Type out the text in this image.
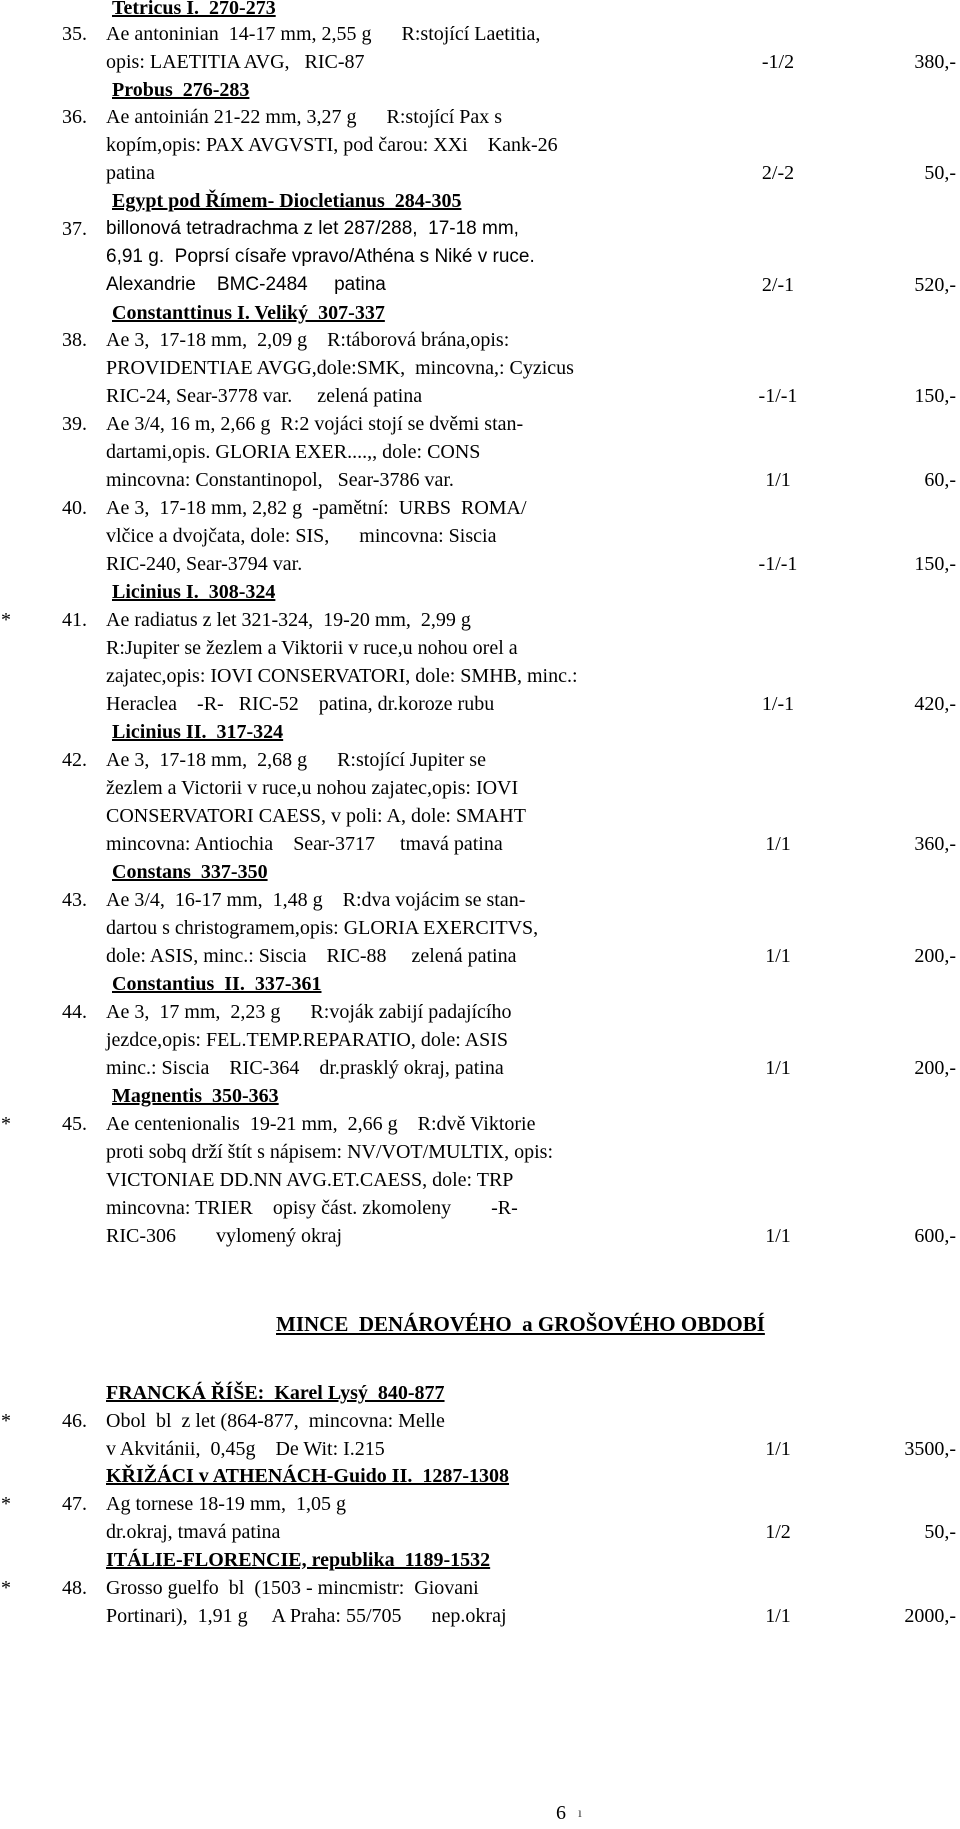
Tetricus I.  270-273
35. Ae antoninian  14-17 mm, 2,55 g      R:stojící Laetitia,
opis: LAETITIA AVG,   RIC-87	-1/2	380,-
Probus  276-283
36. Ae antoinián 21-22 mm, 3,27 g      R:stojící Pax s
kopím,opis: PAX AVGVSTI, pod čarou: XXi    Kank-26
patina	2/-2	50,-
Egypt pod Římem- Diocletianus  284-305
37. billonová tetradrachma z let 287/288,  17-18 mm,
6,91 g.  Poprsí císaře vpravo/Athéna s Niké v ruce.
Alexandrie    BMC-2484     patina	2/-1	520,-
Constanttinus I. Veliký  307-337
38. Ae 3,  17-18 mm,  2,09 g    R:táborová brána,opis:
PROVIDENTIAE AVGG,dole:SMK,  mincovna,: Cyzicus
RIC-24, Sear-3778 var.     zelená patina	-1/-1	150,-
39. Ae 3/4, 16 m, 2,66 g  R:2 vojáci stojí se dvěmi stan-
dartami,opis. GLORIA EXER....,, dole: CONS
mincovna: Constantinopol,   Sear-3786 var.	1/1	60,-
40. Ae 3,  17-18 mm, 2,82 g  -pamětní:  URBS  ROMA/
vlčice a dvojčata, dole: SIS,      mincovna: Siscia
RIC-240, Sear-3794 var.	-1/-1	150,-
Licinius I.  308-324
*	41. Ae radiatus z let 321-324,  19-20 mm,  2,99 g
R:Jupiter se žezlem a Viktorii v ruce,u nohou orel a
zajatec,opis: IOVI CONSERVATORI, dole: SMHB, minc.:
Heraclea    -R-   RIC-52    patina, dr.koroze rubu	1/-1	420,-
Licinius II.  317-324
42. Ae 3,  17-18 mm,  2,68 g      R:stojící Jupiter se
žezlem a Victorii v ruce,u nohou zajatec,opis: IOVI
CONSERVATORI CAESS, v poli: A, dole: SMAHT
mincovna: Antiochia    Sear-3717     tmavá patina	1/1	360,-
Constans  337-350
43. Ae 3/4,  16-17 mm,  1,48 g    R:dva vojácim se stan-
dartou s christogramem,opis: GLORIA EXERCITVS,
dole: ASIS, minc.: Siscia    RIC-88     zelená patina	1/1	200,-
Constantius  II.  337-361
44. Ae 3,  17 mm,  2,23 g      R:voják zabijí padajícího
jezdce,opis: FEL.TEMP.REPARATIO, dole: ASIS
minc.: Siscia    RIC-364    dr.prasklý okraj, patina	1/1	200,-
Magnentis  350-363
*	45. Ae centenionalis  19-21 mm,  2,66 g    R:dvě Viktorie
proti sobq drží štít s nápisem: NV/VOT/MULTIX, opis:
VICTONIAE DD.NN AVG.ET.CAESS, dole: TRP
mincovna: TRIER    opisy část. zkomoleny        -R-
RIC-306        vylomený okraj	1/1	600,-
MINCE  DENÁROVÉHO  a GROŠOVÉHO OBDOBÍ
FRANCKÁ ŘÍŠE:  Karel Lysý  840-877
*	46. Obol  bl  z let (864-877,  mincovna: Melle
v Akvitánii,  0,45g    De Wit: I.215	1/1	3500,-
KŘIŽÁCI v ATHENÁCH-Guido II.  1287-1308
*	47. Ag tornese 18-19 mm,  1,05 g
dr.okraj, tmavá patina	1/2	50,-
ITÁLIE-FLORENCIE, republika  1189-1532
*	48. Grosso guelfo  bl  (1503 - mincmistr:  Giovani
Portinari),  1,91 g     A Praha: 55/705      nep.okraj	1/1	2000,-
6 ı
